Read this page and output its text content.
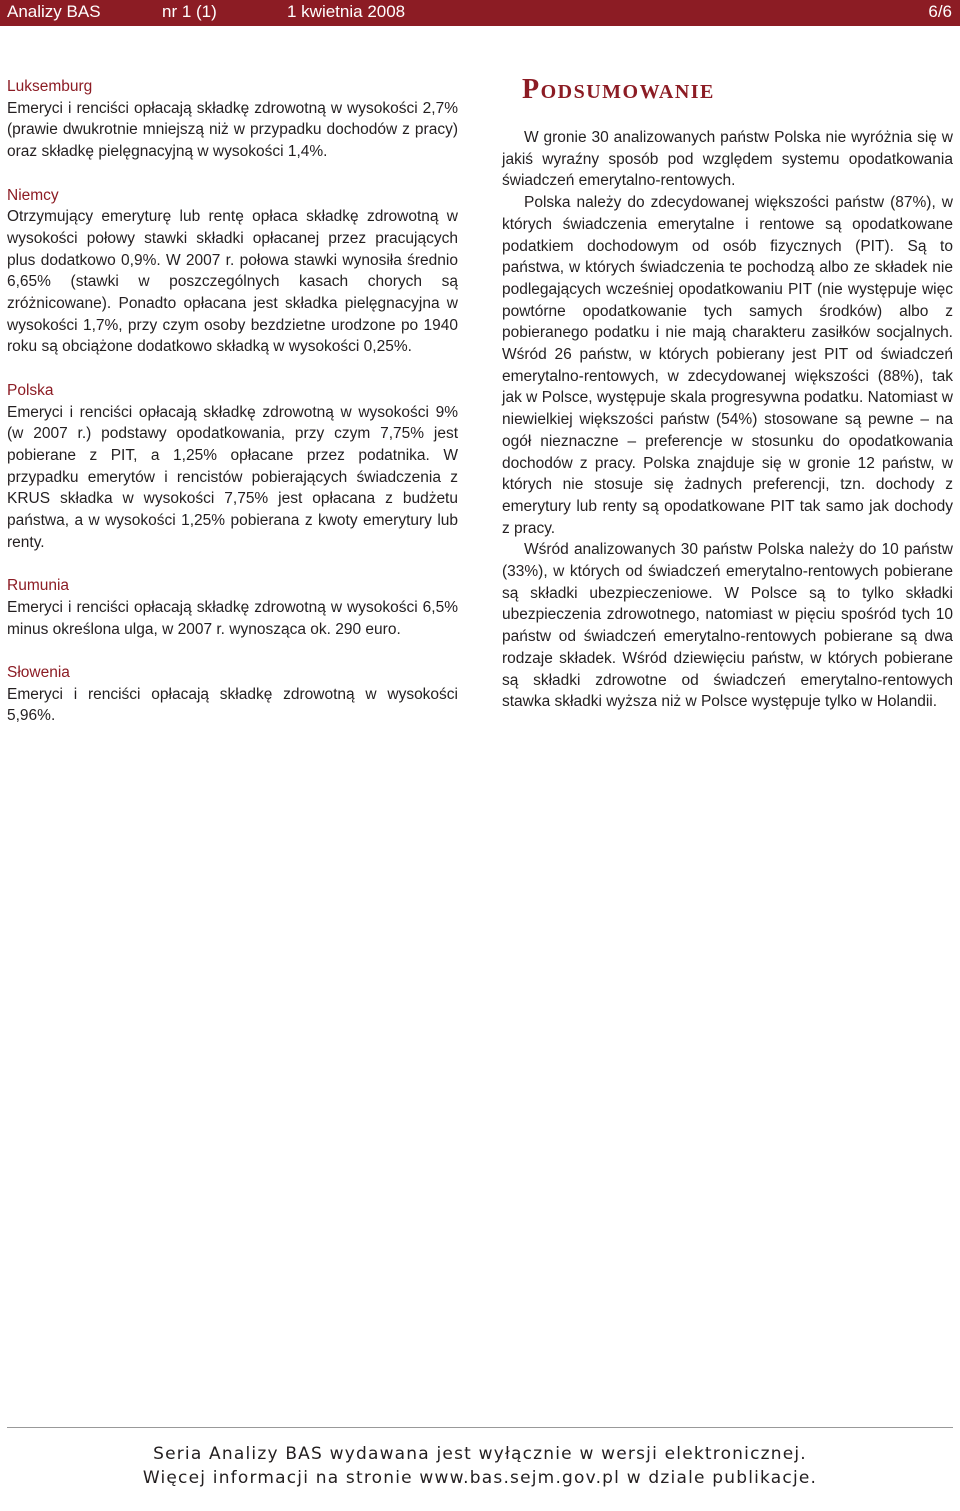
Analizy BAS	nr 1 (1)	1 kwietnia 2008	6/6

Luksemburg

Emeryci i renciści opłacają składkę zdrowotną w wysokości 2,7% (prawie dwukrotnie mniejszą niż w przypadku dochodów z pracy) oraz składkę pielęgnacyjną w wysokości 1,4%.

Niemcy

Otrzymujący emeryturę lub rentę opłaca składkę zdrowotną w wysokości połowy stawki składki opłacanej przez pracujących plus dodatkowo 0,9%. W 2007 r. połowa stawki wynosiła średnio 6,65% (stawki w poszczególnych kasach chorych są zróżnicowane). Ponadto opłacana jest składka pielęgnacyjna w wysokości 1,7%, przy czym osoby bezdzietne urodzone po 1940 roku są obciążone dodatkowo składką w wysokości 0,25%.

Polska

Emeryci i renciści opłacają składkę zdrowotną w wysokości 9% (w 2007 r.) podstawy opodatkowania, przy czym 7,75% jest pobierane z PIT, a 1,25% opłacane przez podatnika. W przypadku emerytów i rencistów pobierających świadczenia z KRUS składka w wysokości 7,75% jest opłacana z budżetu państwa, a w wysokości 1,25% pobierana z kwoty emerytury lub renty.

Rumunia

Emeryci i renciści opłacają składkę zdrowotną w wysokości 6,5% minus określona ulga, w 2007 r. wynosząca ok. 290 euro.

Słowenia

Emeryci i renciści opłacają składkę zdrowotną w wysokości 5,96%.

Podsumowanie

W gronie 30 analizowanych państw Polska nie wyróżnia się w jakiś wyraźny sposób pod względem systemu opodatkowania świadczeń emerytalno-rentowych.

Polska należy do zdecydowanej większości państw (87%), w których świadczenia emerytalne i rentowe są opodatkowane podatkiem dochodowym od osób fizycznych (PIT). Są to państwa, w których świadczenia te pochodzą albo ze składek nie podlegających wcześniej opodatkowaniu PIT (nie występuje więc powtórne opodatkowanie tych samych środków) albo z pobieranego podatku i nie mają charakteru zasiłków socjalnych. Wśród 26 państw, w których pobierany jest PIT od świadczeń emerytalno-rentowych, w zdecydowanej większości (88%), tak jak w Polsce, występuje skala progresywna podatku. Natomiast w niewielkiej większości państw (54%) stosowane są pewne – na ogół nieznaczne – preferencje w stosunku do opodatkowania dochodów z pracy. Polska znajduje się w gronie 12 państw, w których nie stosuje się żadnych preferencji, tzn. dochody z emerytury lub renty są opodatkowane PIT tak samo jak dochody z pracy.

Wśród analizowanych 30 państw Polska należy do 10 państw (33%), w których od świadczeń emerytalno-rentowych pobierane są składki ubezpieczeniowe. W Polsce są to tylko składki ubezpieczenia zdrowotnego, natomiast w pięciu spośród tych 10 państw od świadczeń emerytalno-rentowych pobierane są dwa rodzaje składek. Wśród dziewięciu państw, w których pobierane są składki zdrowotne od świadczeń emerytalno-rentowych stawka składki wyższa niż w Polsce występuje tylko w Holandii.

Seria Analizy BAS wydawana jest wyłącznie w wersji elektronicznej.
Więcej informacji na stronie www.bas.sejm.gov.pl w dziale publikacje.
